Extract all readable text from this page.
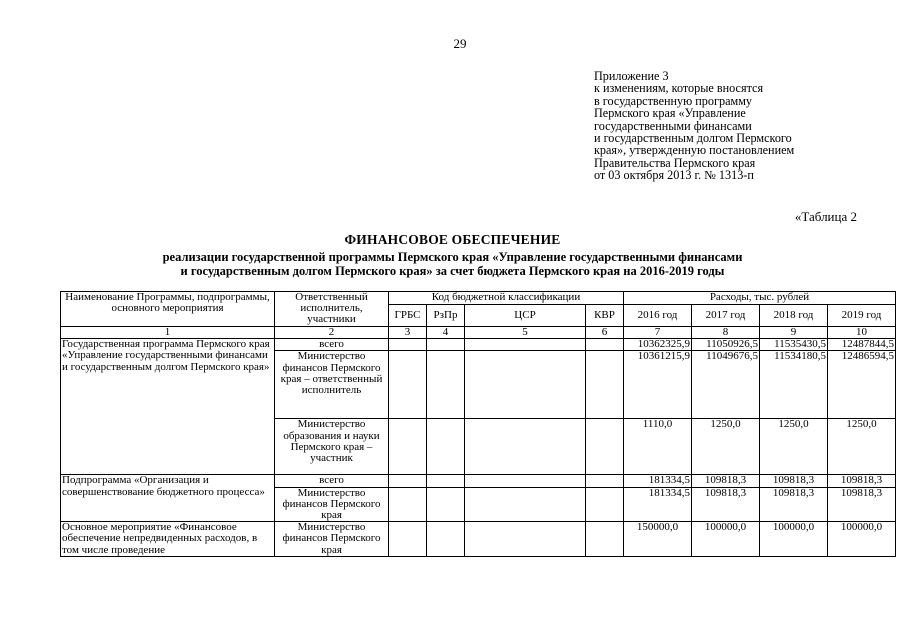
29
Приложение 3
к изменениям, которые вносятся
в государственную программу
Пермского края «Управление
государственными финансами
и государственным долгом Пермского
края», утвержденную постановлением
Правительства Пермского края
от 03 октября 2013 г. № 1313-п
«Таблица 2
ФИНАНСОВОЕ ОБЕСПЕЧЕНИЕ
реализации государственной программы Пермского края «Управление государственными финансами
и государственным долгом Пермского края» за счет бюджета Пермского края на 2016-2019 годы
Наименование Программы, подпрограммы, основного мероприятия	Ответственный исполнитель, участники	Код бюджетной классификации				Расходы, тыс. рублей			
		ГРБС	РзПр	ЦСР	КВР	2016 год	2017 год	2018 год	2019 год
1	2	3	4	5	6	7	8	9	10
Государственная программа Пермского края «Управление государственными финансами и государственным долгом Пермского края»	всего					10362325,9	11050926,5	11535430,5	12487844,5
	Министерство финансов Пермского края – ответственный исполнитель					10361215,9	11049676,5	11534180,5	12486594,5
	Министерство образования и науки Пермского края – участник					1110,0	1250,0	1250,0	1250,0
Подпрограмма «Организация и совершенствование бюджетного процесса»	всего					181334,5	109818,3	109818,3	109818,3
	Министерство финансов Пермского края					181334,5	109818,3	109818,3	109818,3
Основное мероприятие «Финансовое обеспечение непредвиденных расходов, в том числе проведение	Министерство финансов Пермского края					150000,0	100000,0	100000,0	100000,0
